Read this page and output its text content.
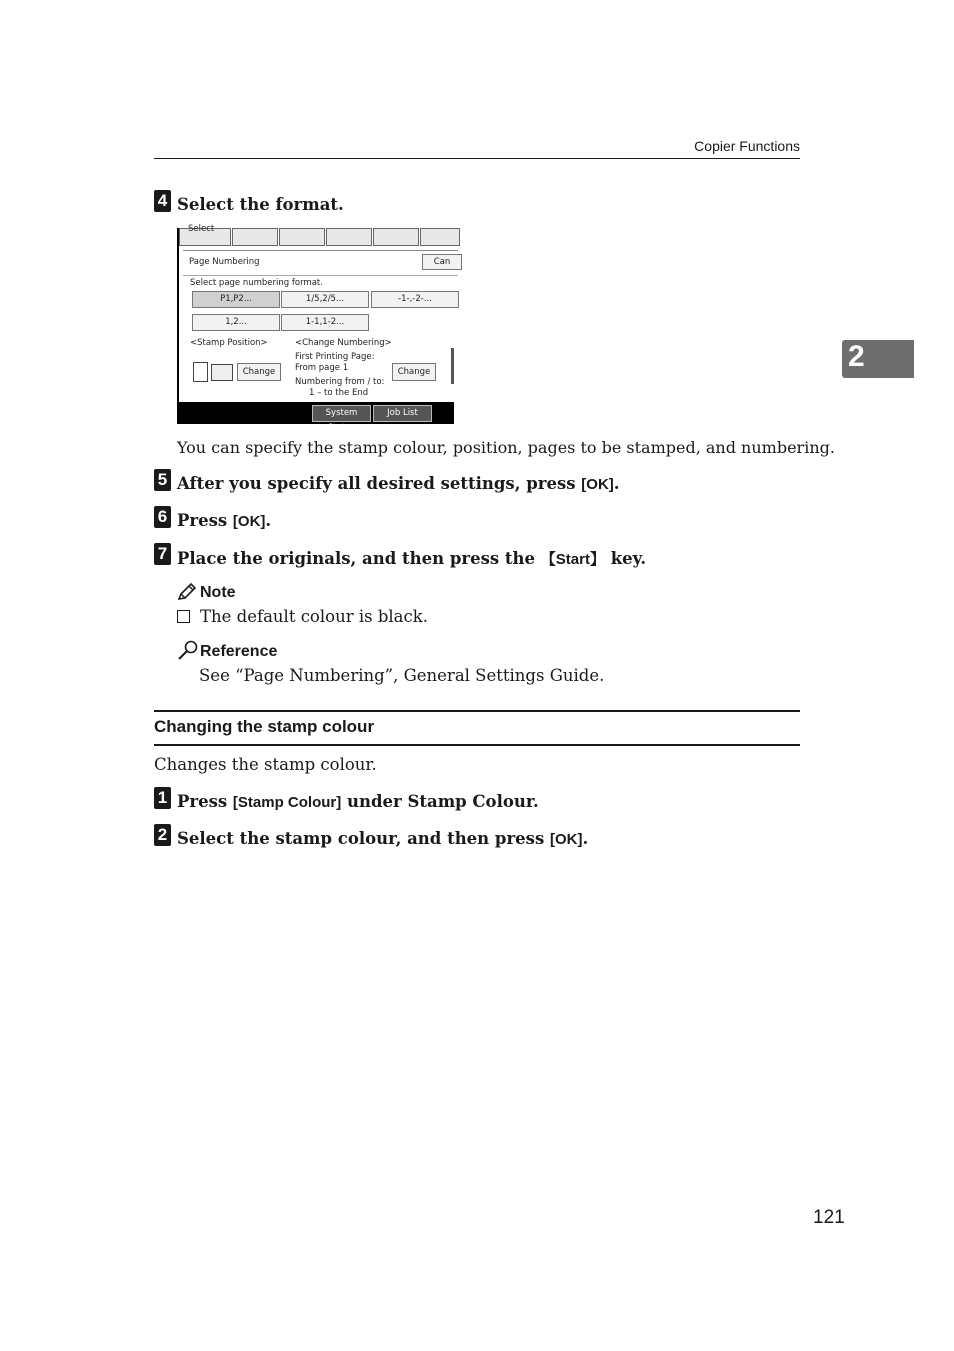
Copier Functions
2
4 Select the format.
Select
Page Numbering	Can
Select page numbering format.
P1,P2...	1/5,2/5...	-1-,-2-...
1,2...	1-1,1-2...
<Stamp Position>	<Change Numbering>
Change
First Printing Page:
From page 1
Numbering from / to:
1 – to the End
Change
System Status
Job List
You can specify the stamp colour, position, pages to be stamped, and numbering.
5 After you specify all desired settings, press [OK].
6 Press [OK].
7 Place the originals, and then press the 【Start】 key.
Note
The default colour is black.
Reference
See “Page Numbering”, General Settings Guide.
Changing the stamp colour
Changes the stamp colour.
1 Press [Stamp Colour] under Stamp Colour.
2 Select the stamp colour, and then press [OK].
121
